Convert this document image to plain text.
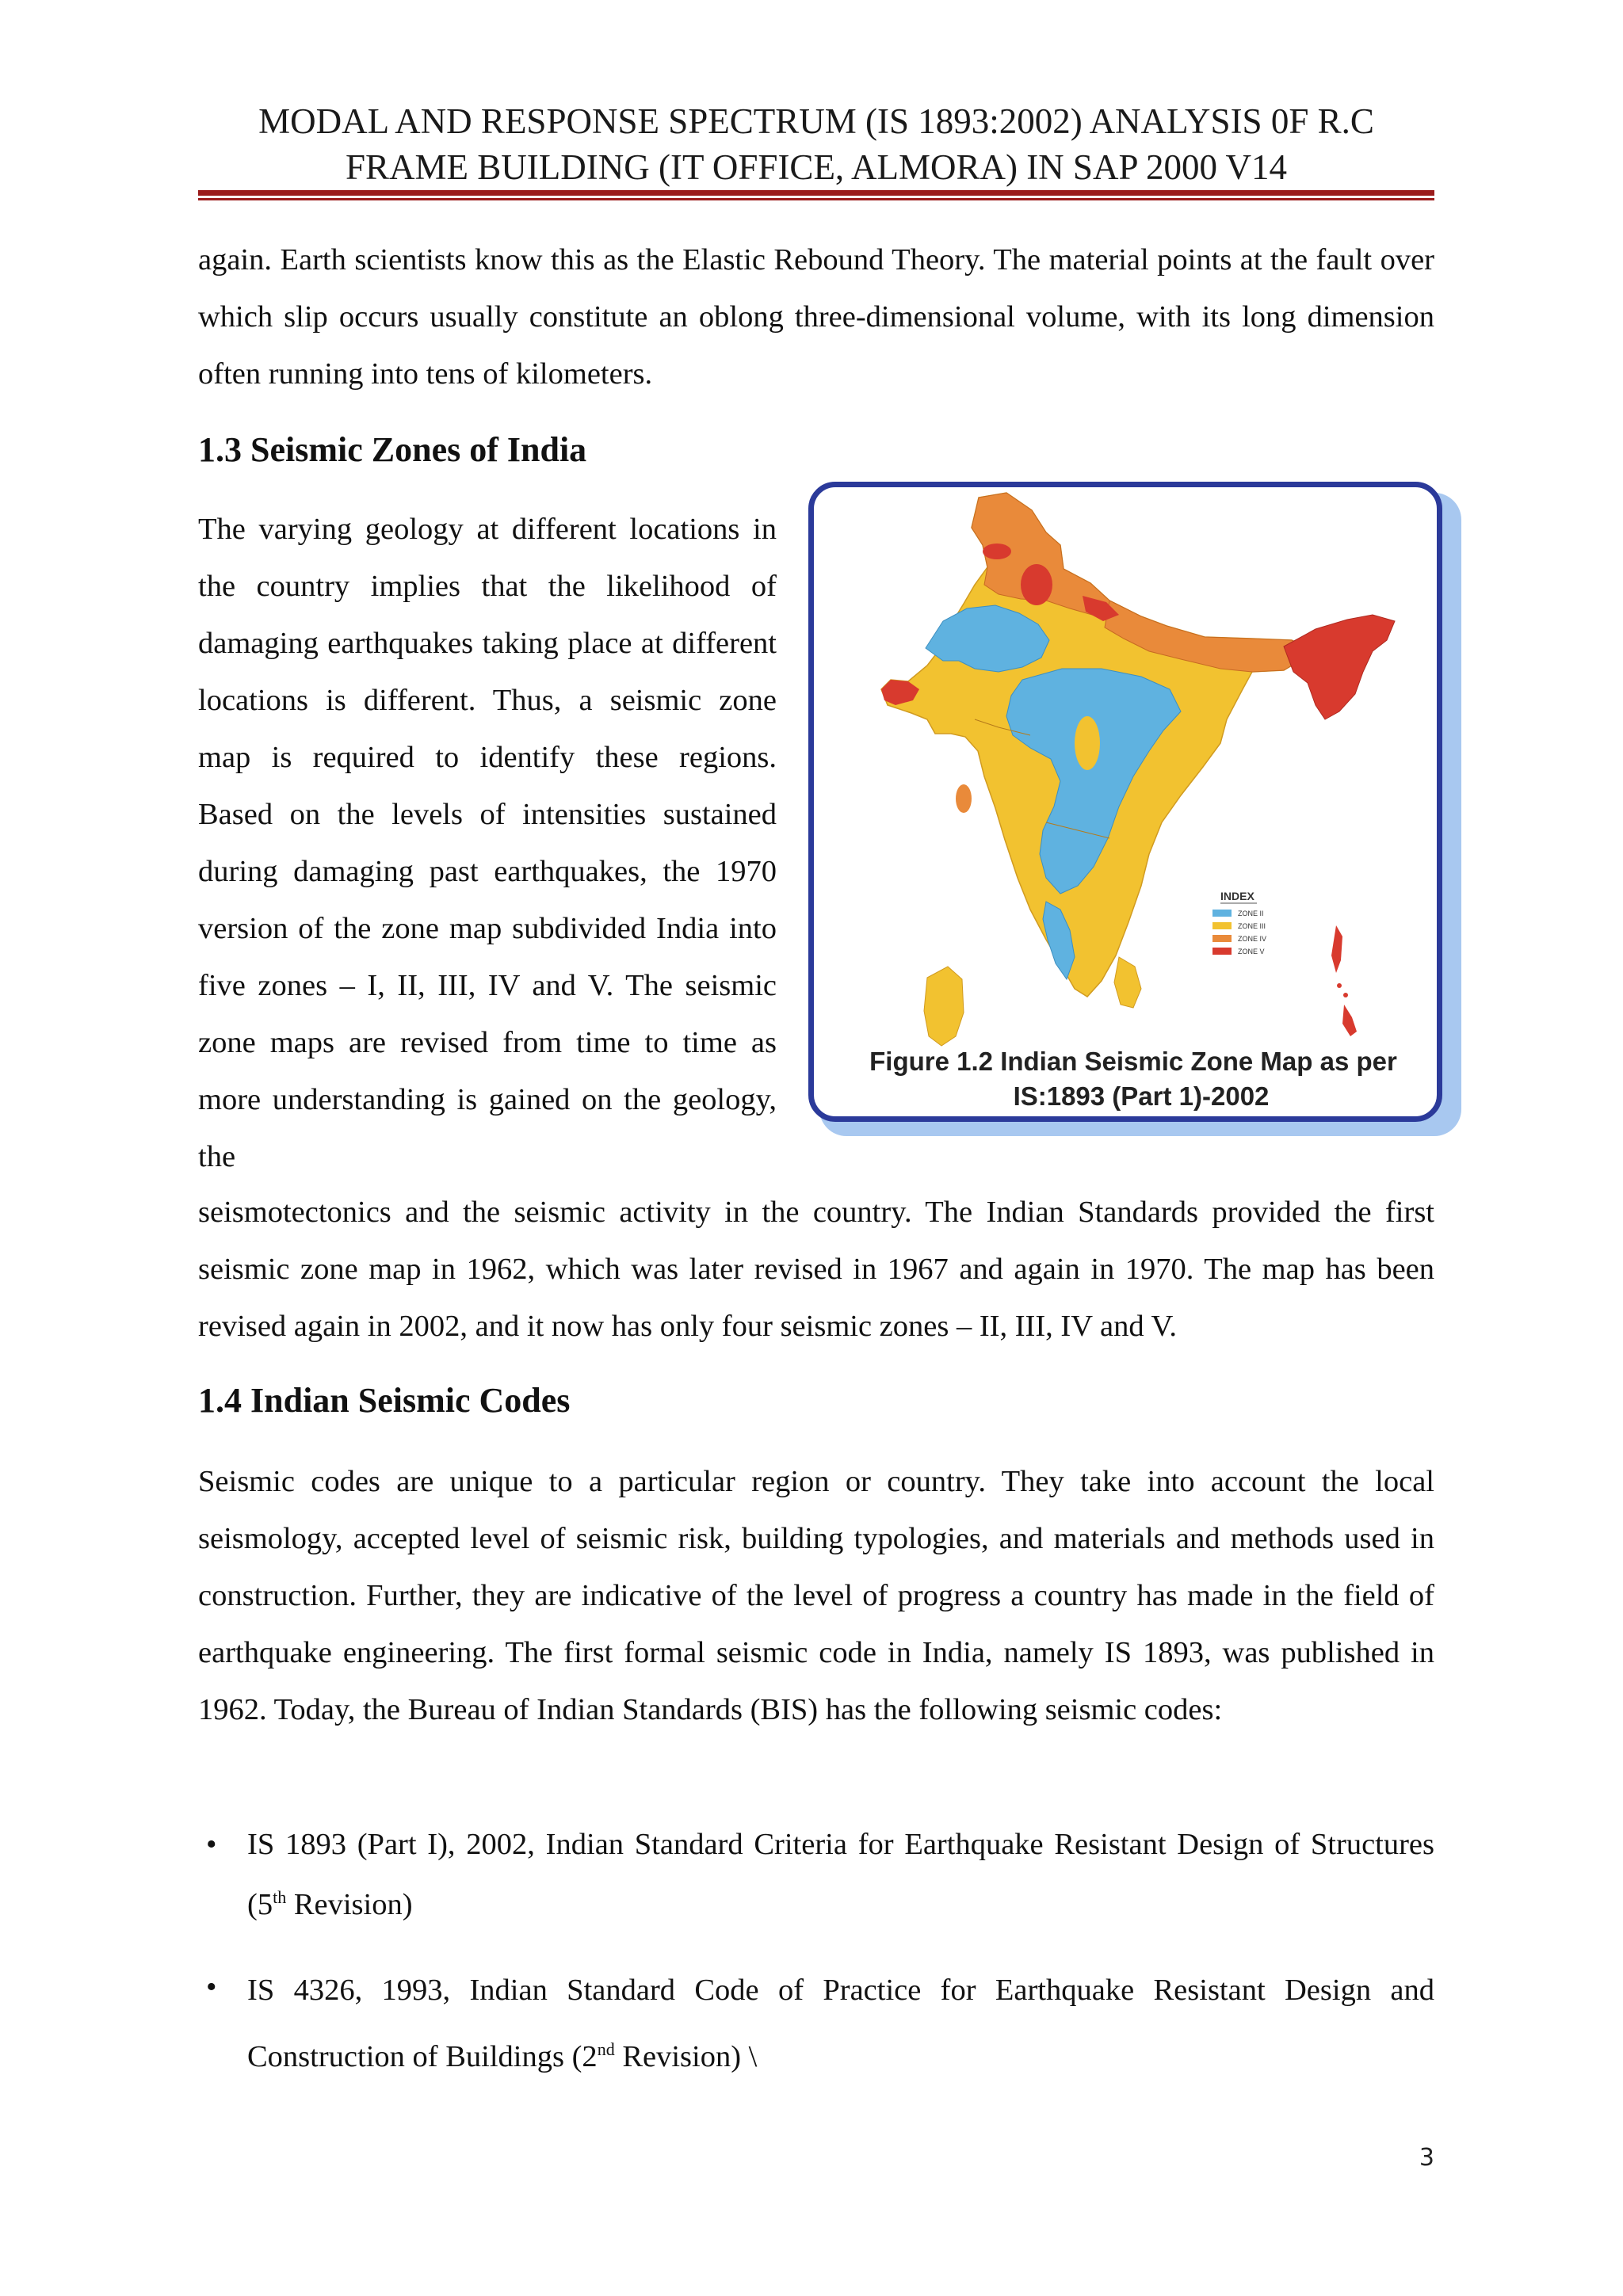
MODAL AND RESPONSE SPECTRUM (IS 1893:2002) ANALYSIS 0F R.C
FRAME BUILDING (IT OFFICE, ALMORA) IN SAP 2000 V14
again. Earth scientists know this as the Elastic Rebound Theory. The material points at the fault over which slip occurs usually constitute an oblong three-dimensional volume, with its long dimension often running into tens of kilometers.
1.3 Seismic Zones of India
The varying geology at different locations in the country implies that the likelihood of damaging earthquakes taking place at different locations is different. Thus, a seismic zone map is required to identify these regions. Based on the levels of intensities sustained during damaging past earthquakes, the 1970 version of the zone map subdivided India into five zones – I, II, III, IV and V. The seismic zone maps are revised from time to time as more understanding is gained on the geology, the
INDEX
ZONE II
ZONE III
ZONE IV
ZONE V
Figure 1.2 Indian Seismic Zone Map as per
IS:1893 (Part 1)-2002
seismotectonics and the seismic activity in the country. The Indian Standards provided the first seismic zone map in 1962, which was later revised in 1967 and again in 1970. The map has been revised again in 2002, and it now has only four seismic zones – II, III, IV and V.
1.4 Indian Seismic Codes
Seismic codes are unique to a particular region or country. They take into account the local seismology, accepted level of seismic risk, building typologies, and materials and methods used in construction. Further, they are indicative of the level of progress a country has made in the field of earthquake engineering. The first formal seismic code in India, namely IS 1893, was published in 1962. Today, the Bureau of Indian Standards (BIS) has the following seismic codes:
• IS 1893 (Part I), 2002, Indian Standard Criteria for Earthquake Resistant Design of Structures (5th Revision)
• IS 4326, 1993, Indian Standard Code of Practice for Earthquake Resistant Design and Construction of Buildings (2nd Revision) \
3
